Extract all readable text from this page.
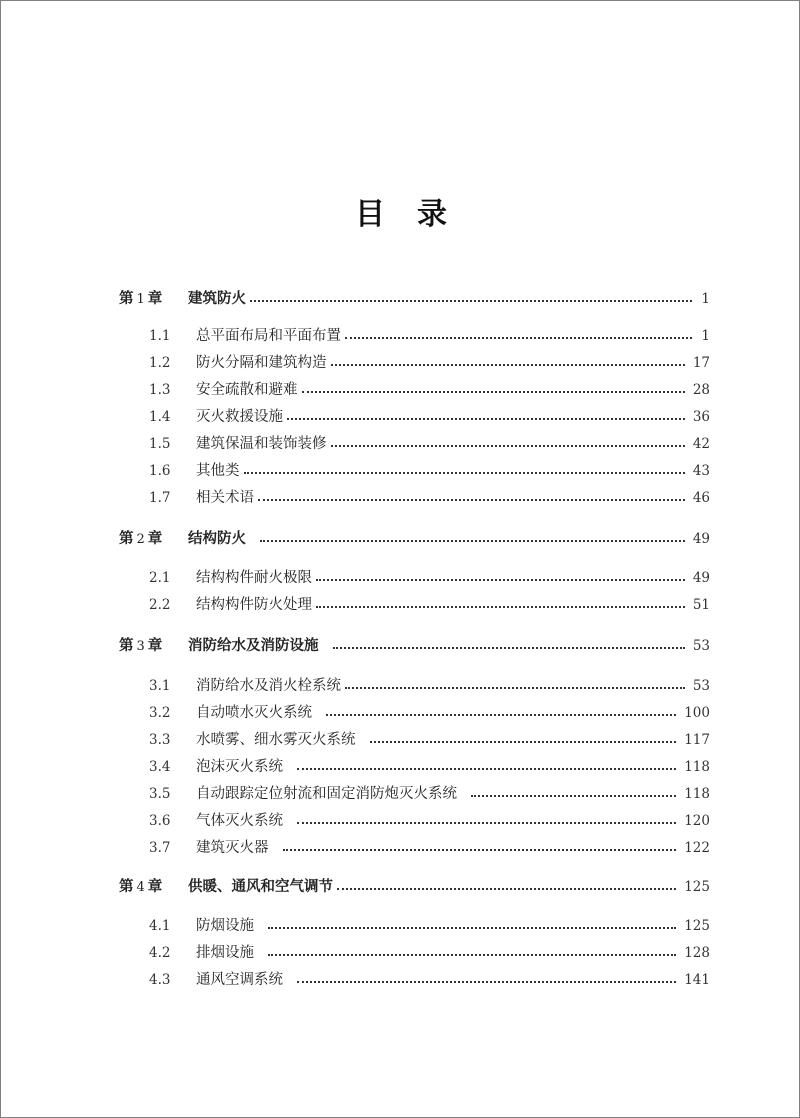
目录
第 1 章	建筑防火	1
1.1	总平面布局和平面布置	1
1.2	防火分隔和建筑构造	17
1.3	安全疏散和避难	28
1.4	灭火救援设施	36
1.5	建筑保温和装饰装修	42
1.6	其他类	43
1.7	相关术语	46
第 2 章	结构防火	49
2.1	结构构件耐火极限	49
2.2	结构构件防火处理	51
第 3 章	消防给水及消防设施	53
3.1	消防给水及消火栓系统	53
3.2	自动喷水灭火系统	100
3.3	水喷雾、细水雾灭火系统	117
3.4	泡沫灭火系统	118
3.5	自动跟踪定位射流和固定消防炮灭火系统	118
3.6	气体灭火系统	120
3.7	建筑灭火器	122
第 4 章	供暖、通风和空气调节	125
4.1	防烟设施	125
4.2	排烟设施	128
4.3	通风空调系统	141
